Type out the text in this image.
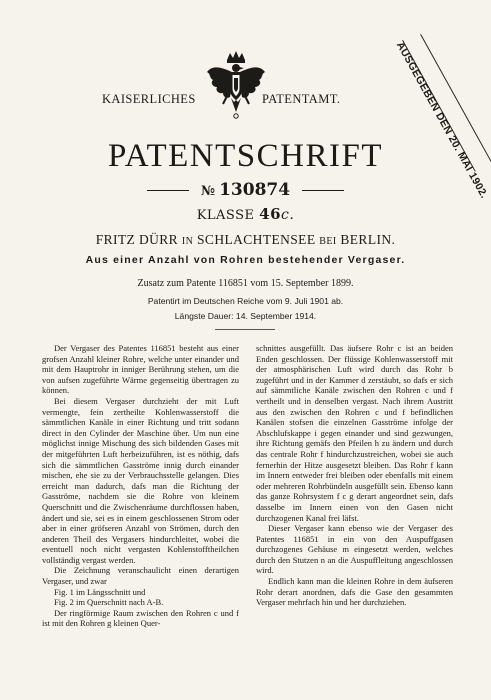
KAISERLICHES	PATENTAMT.	AUSGEGEBEN DEN 20. MAI 1902.
PATENTSCHRIFT
№ 130874
KLASSE 46c.
FRITZ DÜRR IN SCHLACHTENSEE BEI BERLIN.
Aus einer Anzahl von Rohren bestehender Vergaser.
Zusatz zum Patente 116851 vom 15. September 1899.
Patentirt im Deutschen Reiche vom 9. Juli 1901 ab.
Längste Dauer: 14. September 1914.

Der Vergaser des Patentes 116851 besteht aus einer grofsen Anzahl kleiner Rohre, welche unter einander und mit dem Hauptrohr in inniger Berührung stehen, um die von aufsen zugeführte Wärme gegenseitig übertragen zu können.

Bei diesem Vergaser durchzieht der mit Luft vermengte, fein zertheilte Kohlenwasserstoff die sämmtlichen Kanäle in einer Richtung und tritt sodann direct in den Cylinder der Maschine über. Um nun eine möglichst innige Mischung des sich bildenden Gases mit der mitgeführten Luft herbeizuführen, ist es nöthig, dafs sich die sämmtlichen Gasströme innig durch einander mischen, ehe sie zu der Verbrauchsstelle gelangen. Dies erreicht man dadurch, dafs man die Richtung der Gasströme, nachdem sie die Rohre von kleinem Querschnitt und die Zwischenräume durchflossen haben, ändert und sie, sei es in einem geschlossenen Strom oder aber in einer gröfseren Anzahl von Strömen, durch den anderen Theil des Vergasers hindurchleitet, wobei die eventuell noch nicht vergasten Kohlenstofftheilchen vollständig vergast werden.

Die Zeichnung veranschaulicht einen derartigen Vergaser, und zwar

Fig. 1 im Längsschnitt und

Fig. 2 im Querschnitt nach A-B.

Der ringförmige Raum zwischen den Rohren c und f ist mit den Rohren g kleinen Quer-

schnittes ausgefüllt. Das äufsere Rohr c ist an beiden Enden geschlossen. Der flüssige Kohlenwasserstoff mit der atmosphärischen Luft wird durch das Rohr b zugeführt und in der Kammer d zerstäubt, so dafs er sich auf sämmtliche Kanäle zwischen den Rohren c und f vertheilt und in denselben vergast. Nach ihrem Austritt aus den zwischen den Rohren c und f befindlichen Kanälen stofsen die einzelnen Gasströme infolge der Abschlufskappe i gegen einander und sind gezwungen, ihre Richtung gemäfs den Pfeilen h zu ändern und durch das centrale Rohr f hindurchzustreichen, wobei sie auch fernerhin der Hitze ausgesetzt bleiben. Das Rohr f kann im Innern entweder frei bleiben oder ebenfalls mit einem oder mehreren Rohrbündeln ausgefüllt sein. Ebenso kann das ganze Rohrsystem f c g derart angeordnet sein, dafs dasselbe im Innern einen von den Gasen nicht durchzogenen Kanal frei läfst.

Dieser Vergaser kann ebenso wie der Vergaser des Patentes 116851 in ein von den Auspuffgasen durchzogenes Gehäuse m eingesetzt werden, welches durch den Stutzen n an die Auspuffleitung angeschlossen wird.

Endlich kann man die kleinen Rohre in dem äufseren Rohr derart anordnen, dafs die Gase den gesammten Vergaser mehrfach hin und her durchziehen.
